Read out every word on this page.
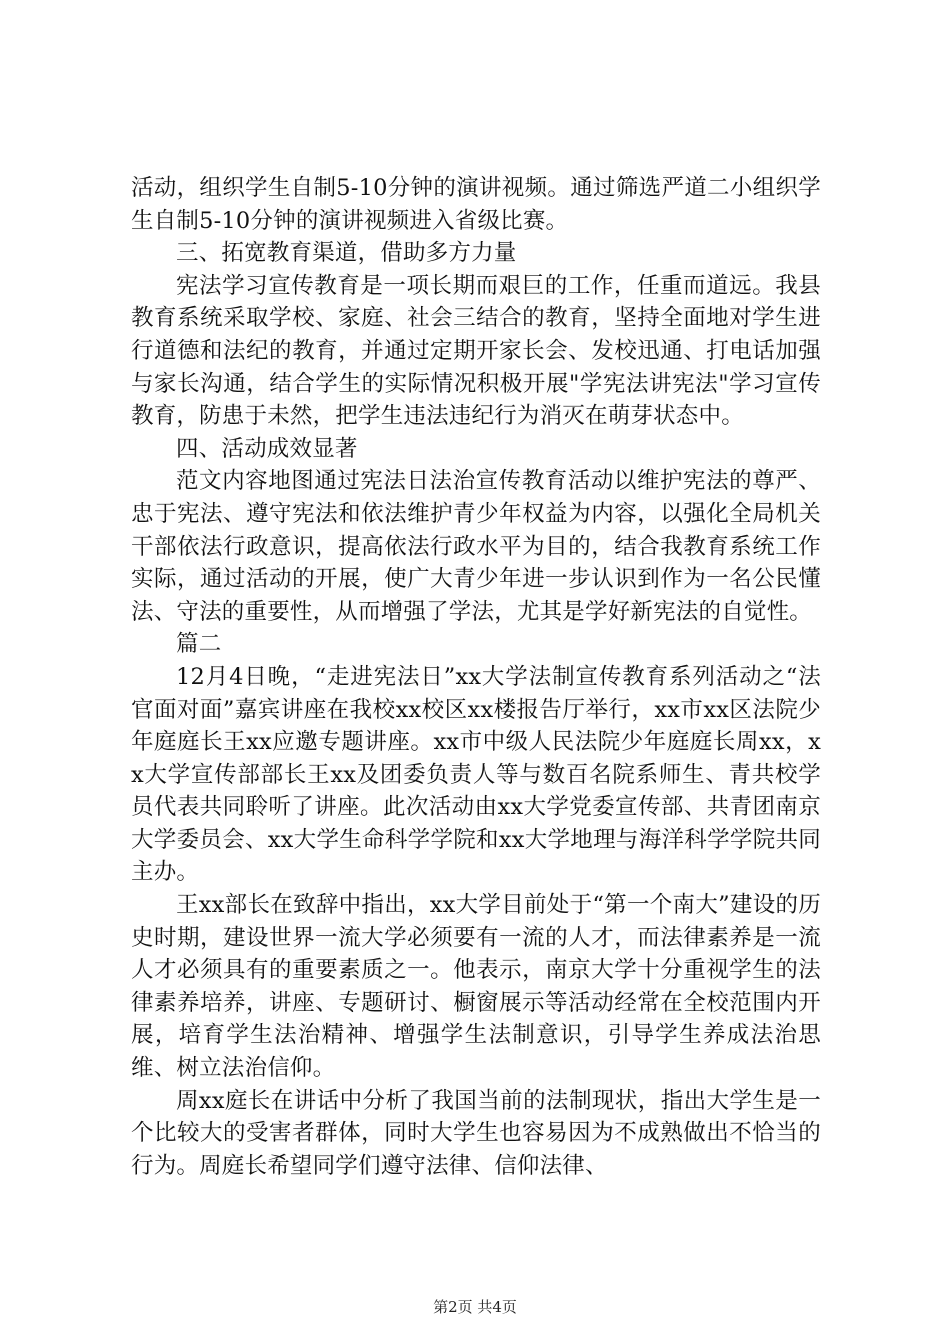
活动，组织学生自制5-10分钟的演讲视频。通过筛选严道二小组织学生自制5-10分钟的演讲视频进入省级比赛。

三、拓宽教育渠道，借助多方力量

宪法学习宣传教育是一项长期而艰巨的工作，任重而道远。我县教育系统采取学校、家庭、社会三结合的教育，坚持全面地对学生进行道德和法纪的教育，并通过定期开家长会、发校迅通、打电话加强与家长沟通，结合学生的实际情况积极开展"学宪法讲宪法"学习宣传教育，防患于未然，把学生违法违纪行为消灭在萌芽状态中。

四、活动成效显著

范文内容地图通过宪法日法治宣传教育活动以维护宪法的尊严、忠于宪法、遵守宪法和依法维护青少年权益为内容，以强化全局机关干部依法行政意识，提高依法行政水平为目的，结合我教育系统工作实际，通过活动的开展，使广大青少年进一步认识到作为一名公民懂法、守法的重要性，从而增强了学法，尤其是学好新宪法的自觉性。

篇二

12月4日晚，“走进宪法日”xx大学法制宣传教育系列活动之“法官面对面”嘉宾讲座在我校xx校区xx楼报告厅举行，xx市xx区法院少年庭庭长王xx应邀专题讲座。xx市中级人民法院少年庭庭长周xx，xx大学宣传部部长王xx及团委负责人等与数百名院系师生、青共校学员代表共同聆听了讲座。此次活动由xx大学党委宣传部、共青团南京大学委员会、xx大学生命科学学院和xx大学地理与海洋科学学院共同主办。

王xx部长在致辞中指出，xx大学目前处于“第一个南大”建设的历史时期，建设世界一流大学必须要有一流的人才，而法律素养是一流人才必须具有的重要素质之一。他表示，南京大学十分重视学生的法律素养培养，讲座、专题研讨、橱窗展示等活动经常在全校范围内开展，培育学生法治精神、增强学生法制意识，引导学生养成法治思维、树立法治信仰。

周xx庭长在讲话中分析了我国当前的法制现状，指出大学生是一个比较大的受害者群体，同时大学生也容易因为不成熟做出不恰当的行为。周庭长希望同学们遵守法律、信仰法律、

第2页 共4页
